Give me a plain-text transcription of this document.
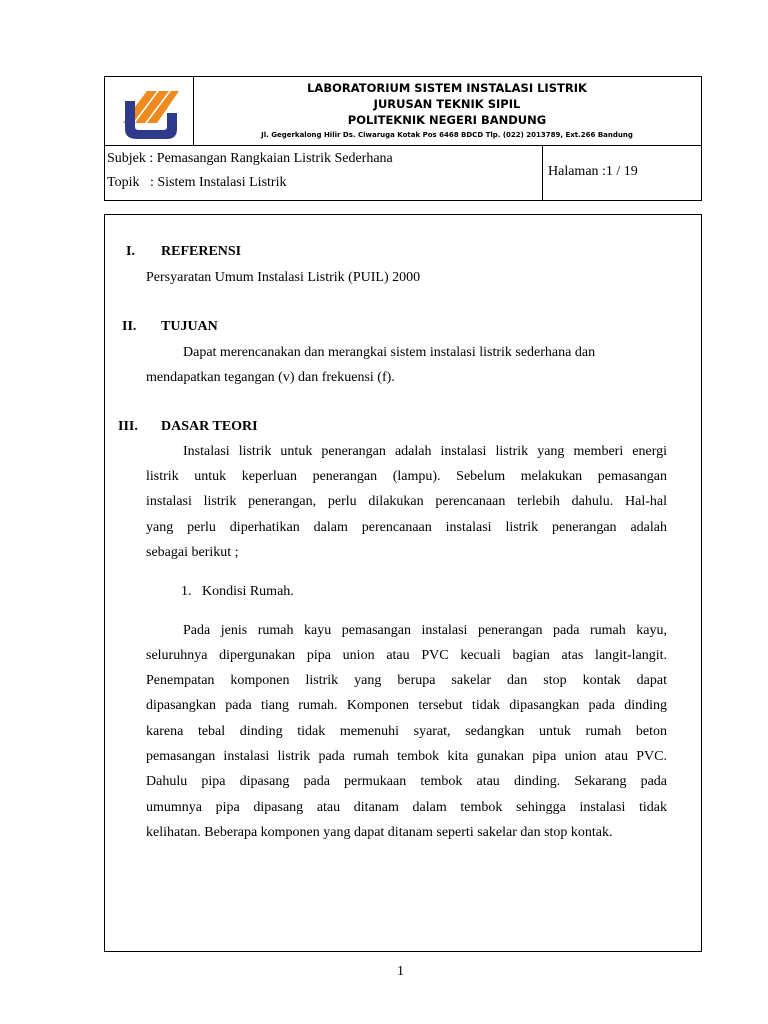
LABORATORIUM SISTEM INSTALASI LISTRIK
JURUSAN TEKNIK SIPIL
POLITEKNIK NEGERI BANDUNG
Jl. Gegerkalong Hilir Ds. Ciwaruga Kotak Pos 6468 BDCD Tlp. (022) 2013789, Ext.266 Bandung
Subjek : Pemasangan Rangkaian Listrik Sederhana
Topik   : Sistem Instalasi Listrik
Halaman :1 / 19
I. REFERENSI
Persyaratan Umum Instalasi Listrik (PUIL) 2000
II. TUJUAN
Dapat merencanakan dan merangkai sistem instalasi listrik sederhana dan
mendapatkan tegangan (v) dan frekuensi (f).
III. DASAR TEORI
Instalasi listrik untuk penerangan adalah instalasi listrik yang memberi energi
listrik untuk keperluan penerangan (lampu). Sebelum melakukan pemasangan
instalasi listrik penerangan, perlu dilakukan perencanaan terlebih dahulu. Hal-hal
yang perlu diperhatikan dalam perencanaan instalasi listrik penerangan adalah
sebagai berikut ;
1.   Kondisi Rumah.
Pada jenis rumah kayu pemasangan instalasi penerangan pada rumah kayu,
seluruhnya dipergunakan pipa union atau PVC kecuali bagian atas langit-langit.
Penempatan komponen listrik yang berupa sakelar dan stop kontak dapat
dipasangkan pada tiang rumah. Komponen tersebut tidak dipasangkan pada dinding
karena tebal dinding tidak memenuhi syarat, sedangkan untuk rumah beton
pemasangan instalasi listrik pada rumah tembok kita gunakan pipa union atau PVC.
Dahulu pipa dipasang pada permukaan tembok atau dinding. Sekarang pada
umumnya pipa dipasang atau ditanam dalam tembok sehingga instalasi tidak
kelihatan. Beberapa komponen yang dapat ditanam seperti sakelar dan stop kontak.
1
